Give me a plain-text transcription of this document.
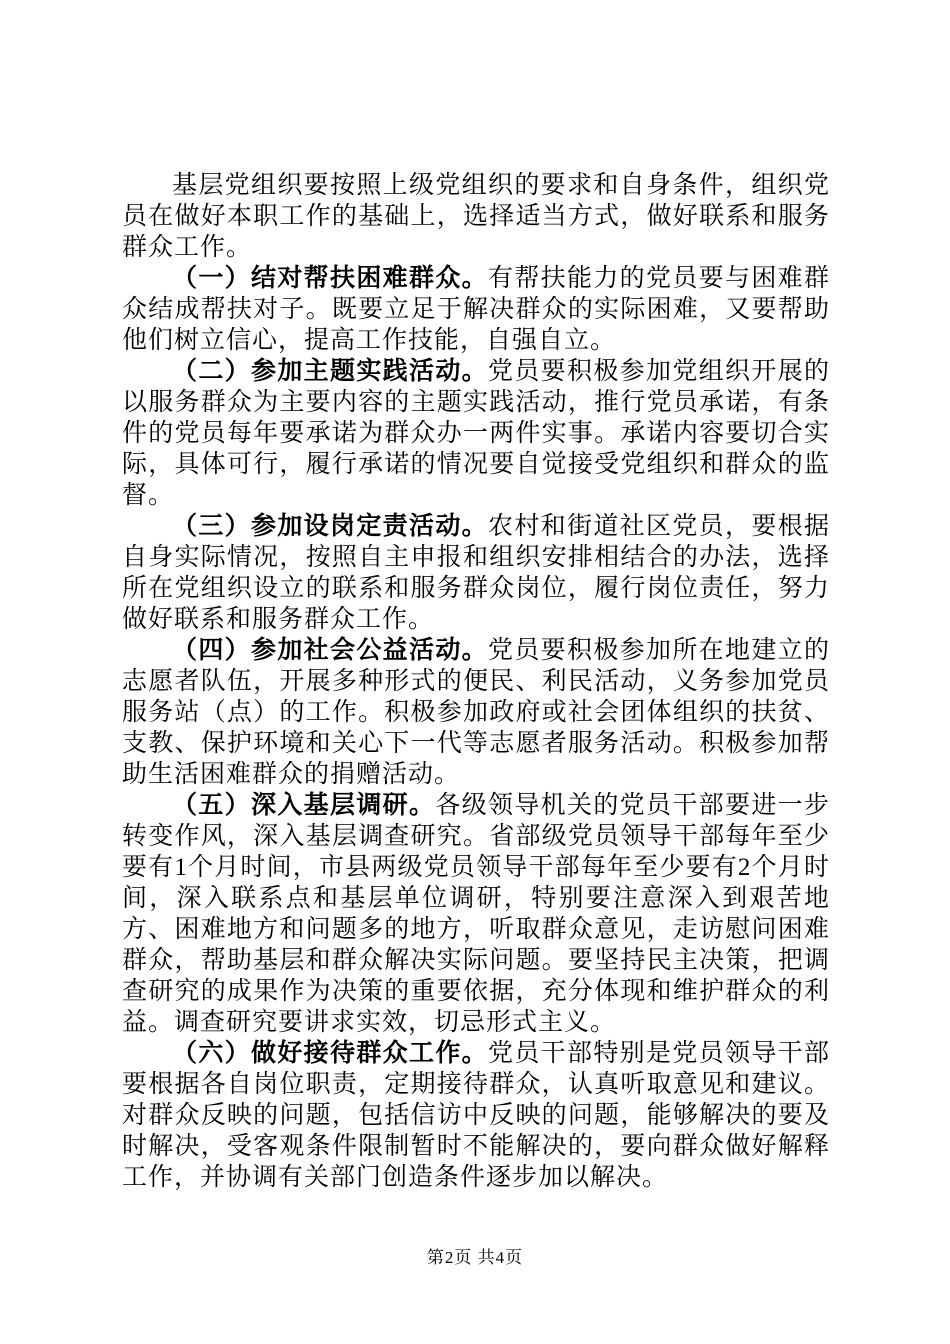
基层党组织要按照上级党组织的要求和自身条件，组织党员在做好本职工作的基础上，选择适当方式，做好联系和服务群众工作。

（一）结对帮扶困难群众。有帮扶能力的党员要与困难群众结成帮扶对子。既要立足于解决群众的实际困难，又要帮助他们树立信心，提高工作技能，自强自立。

（二）参加主题实践活动。党员要积极参加党组织开展的以服务群众为主要内容的主题实践活动，推行党员承诺，有条件的党员每年要承诺为群众办一两件实事。承诺内容要切合实际，具体可行，履行承诺的情况要自觉接受党组织和群众的监督。

（三）参加设岗定责活动。农村和街道社区党员，要根据自身实际情况，按照自主申报和组织安排相结合的办法，选择所在党组织设立的联系和服务群众岗位，履行岗位责任，努力做好联系和服务群众工作。

（四）参加社会公益活动。党员要积极参加所在地建立的志愿者队伍，开展多种形式的便民、利民活动，义务参加党员服务站（点）的工作。积极参加政府或社会团体组织的扶贫、支教、保护环境和关心下一代等志愿者服务活动。积极参加帮助生活困难群众的捐赠活动。

（五）深入基层调研。各级领导机关的党员干部要进一步转变作风，深入基层调查研究。省部级党员领导干部每年至少要有1个月时间，市县两级党员领导干部每年至少要有2个月时间，深入联系点和基层单位调研，特别要注意深入到艰苦地方、困难地方和问题多的地方，听取群众意见，走访慰问困难群众，帮助基层和群众解决实际问题。要坚持民主决策，把调查研究的成果作为决策的重要依据，充分体现和维护群众的利益。调查研究要讲求实效，切忌形式主义。

（六）做好接待群众工作。党员干部特别是党员领导干部要根据各自岗位职责，定期接待群众，认真听取意见和建议。对群众反映的问题，包括信访中反映的问题，能够解决的要及时解决，受客观条件限制暂时不能解决的，要向群众做好解释工作，并协调有关部门创造条件逐步加以解决。

第2页 共4页
